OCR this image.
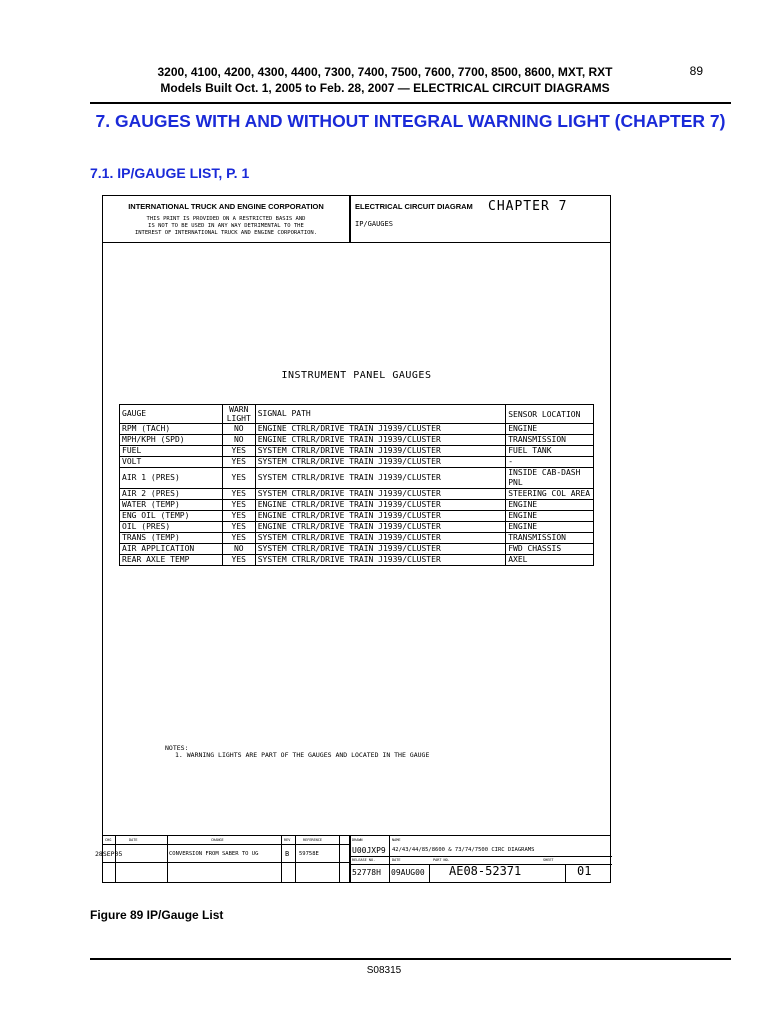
3200, 4100, 4200, 4300, 4400, 7300, 7400, 7500, 7600, 7700, 8500, 8600, MXT, RXT	89
Models Built Oct. 1, 2005 to Feb. 28, 2007 — ELECTRICAL CIRCUIT DIAGRAMS
7. GAUGES WITH AND WITHOUT INTEGRAL WARNING LIGHT (CHAPTER 7)
7.1. IP/GAUGE LIST, P. 1
INTERNATIONAL TRUCK AND ENGINE CORPORATION
THIS PRINT IS PROVIDED ON A RESTRICTED BASIS AND
IS NOT TO BE USED IN ANY WAY DETRIMENTAL TO THE
INTEREST OF INTERNATIONAL TRUCK AND ENGINE CORPORATION.
ELECTRICAL CIRCUIT DIAGRAM CHAPTER 7
IP/GAUGES
INSTRUMENT PANEL GAUGES
GAUGE	WARN LIGHT	SIGNAL PATH	SENSOR LOCATION
RPM (TACH)	NO	ENGINE CTRLR/DRIVE TRAIN J1939/CLUSTER	ENGINE
MPH/KPH (SPD)	NO	ENGINE CTRLR/DRIVE TRAIN J1939/CLUSTER	TRANSMISSION
FUEL	YES	SYSTEM CTRLR/DRIVE TRAIN J1939/CLUSTER	FUEL TANK
VOLT	YES	SYSTEM CTRLR/DRIVE TRAIN J1939/CLUSTER	-
AIR 1 (PRES)	YES	SYSTEM CTRLR/DRIVE TRAIN J1939/CLUSTER	INSIDE CAB-DASH PNL
AIR 2 (PRES)	YES	SYSTEM CTRLR/DRIVE TRAIN J1939/CLUSTER	STEERING COL AREA
WATER (TEMP)	YES	ENGINE CTRLR/DRIVE TRAIN J1939/CLUSTER	ENGINE
ENG OIL (TEMP)	YES	ENGINE CTRLR/DRIVE TRAIN J1939/CLUSTER	ENGINE
OIL (PRES)	YES	ENGINE CTRLR/DRIVE TRAIN J1939/CLUSTER	ENGINE
TRANS (TEMP)	YES	SYSTEM CTRLR/DRIVE TRAIN J1939/CLUSTER	TRANSMISSION
AIR APPLICATION	NO	SYSTEM CTRLR/DRIVE TRAIN J1939/CLUSTER	FWD CHASSIS
REAR AXLE TEMP	YES	SYSTEM CTRLR/DRIVE TRAIN J1939/CLUSTER	AXEL
NOTES:
1. WARNING LIGHTS ARE PART OF THE GAUGES AND LOCATED IN THE GAUGE
CHG	DATE	CHANGE	REV	REFERENCE	DRAWN	NAME
RELEASE NO.	DATE	PART NO.	SHEET
28SEP05	CONVERSION FROM SABER TO UG	B 59758E	U00JXP9 42/43/44/85/8600 & 73/74/7500 CIRC DIAGRAMS
52778H 09AUG00 AE08-52371	01
Figure 89 IP/Gauge List
S08315
